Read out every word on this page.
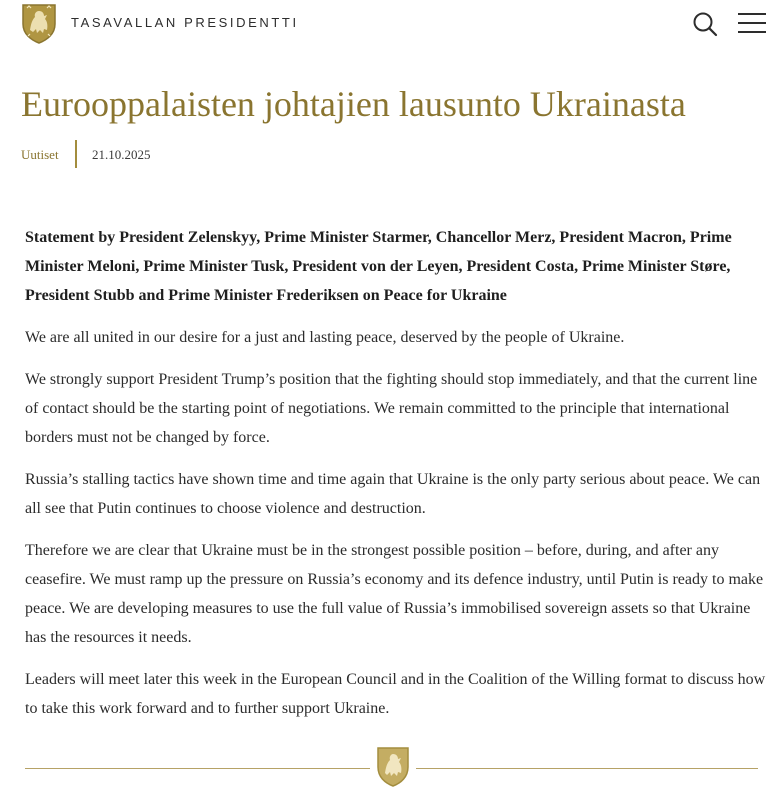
TASAVALLAN PRESIDENTTI
Eurooppalaisten johtajien lausunto Ukrainasta
Uutiset	21.10.2025

Statement by President Zelenskyy, Prime Minister Starmer, Chancellor Merz, President Macron, Prime Minister Meloni, Prime Minister Tusk, President von der Leyen, President Costa, Prime Minister Støre, President Stubb and Prime Minister Frederiksen on Peace for Ukraine

We are all united in our desire for a just and lasting peace, deserved by the people of Ukraine.

We strongly support President Trump’s position that the fighting should stop immediately, and that the current line of contact should be the starting point of negotiations. We remain committed to the principle that international borders must not be changed by force.

Russia’s stalling tactics have shown time and time again that Ukraine is the only party serious about peace. We can all see that Putin continues to choose violence and destruction.

Therefore we are clear that Ukraine must be in the strongest possible position – before, during, and after any ceasefire. We must ramp up the pressure on Russia’s economy and its defence industry, until Putin is ready to make peace. We are developing measures to use the full value of Russia’s immobilised sovereign assets so that Ukraine has the resources it needs.

Leaders will meet later this week in the European Council and in the Coalition of the Willing format to discuss how to take this work forward and to further support Ukraine.
